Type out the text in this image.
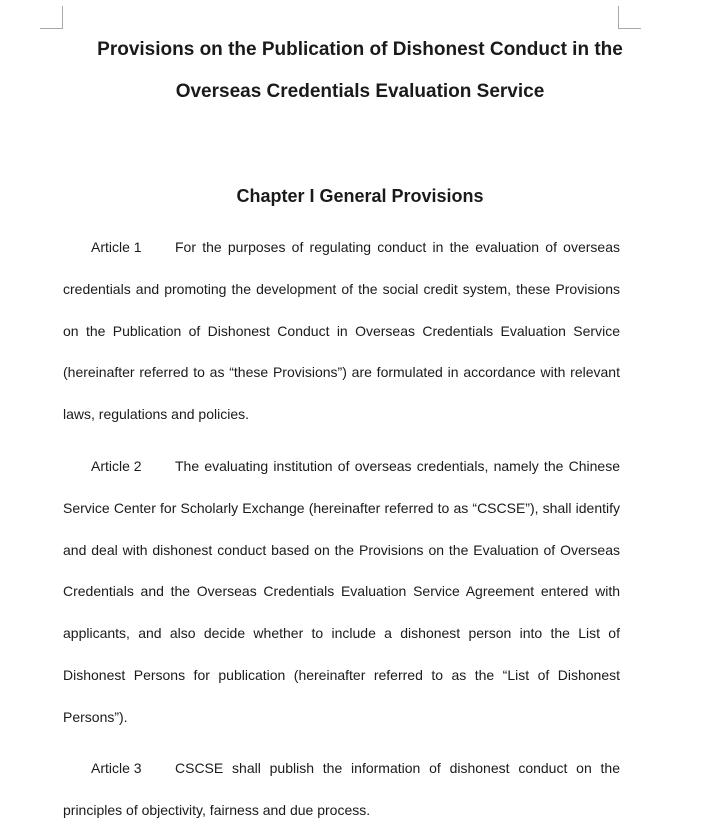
Provisions on the Publication of Dishonest Conduct in the
Overseas Credentials Evaluation Service
Chapter I General Provisions

Article 1 For the purposes of regulating conduct in the evaluation of overseas credentials and promoting the development of the social credit system, these Provisions on the Publication of Dishonest Conduct in Overseas Credentials Evaluation Service (hereinafter referred to as “these Provisions”) are formulated in accordance with relevant laws, regulations and policies.

Article 2 The evaluating institution of overseas credentials, namely the Chinese Service Center for Scholarly Exchange (hereinafter referred to as “CSCSE”), shall identify and deal with dishonest conduct based on the Provisions on the Evaluation of Overseas Credentials and the Overseas Credentials Evaluation Service Agreement entered with applicants, and also decide whether to include a dishonest person into the List of Dishonest Persons for publication (hereinafter referred to as the “List of Dishonest Persons”).

Article 3 CSCSE shall publish the information of dishonest conduct on the principles of objectivity, fairness and due process.
